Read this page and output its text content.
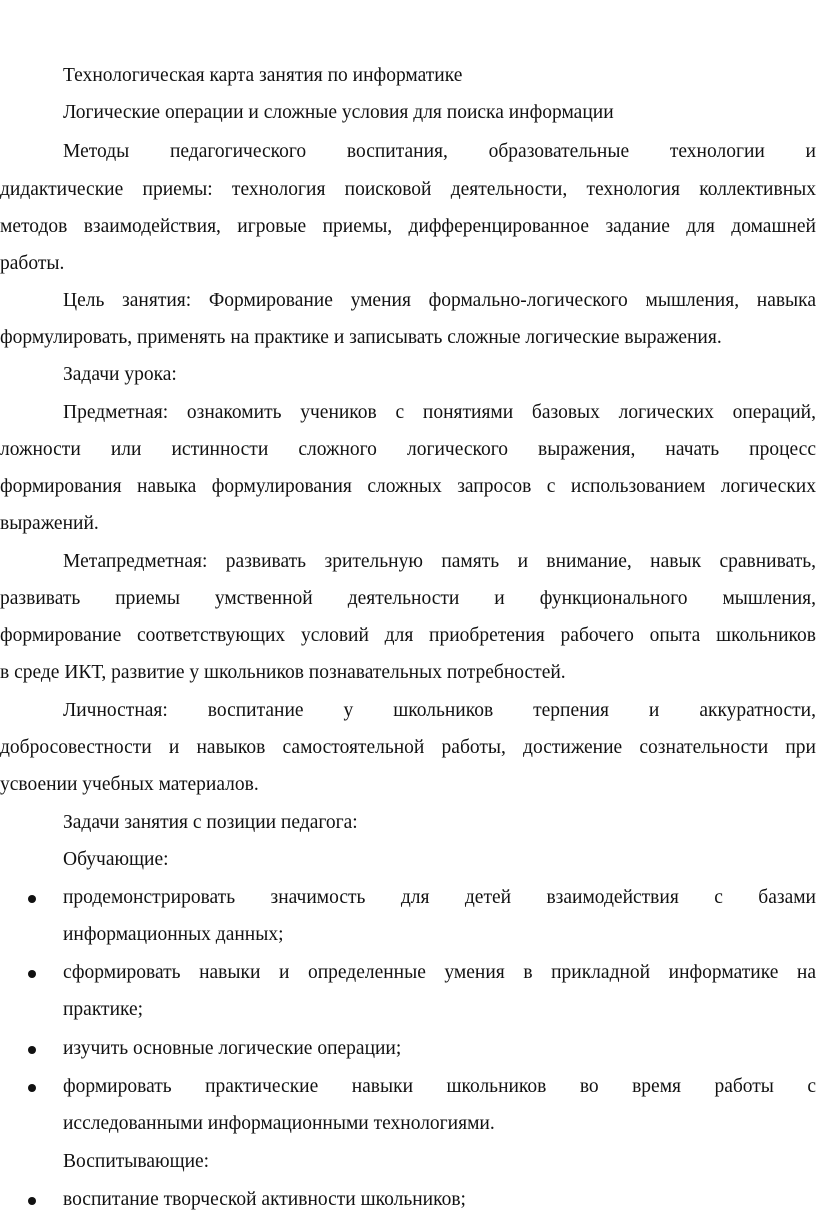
Технологическая карта занятия по информатике
Логические операции и сложные условия для поиска информации
Методы педагогического воспитания, образовательные технологии и
дидактические приемы: технология поисковой деятельности, технология коллективных
методов взаимодействия, игровые приемы, дифференцированное задание для домашней
работы.
Цель занятия: Формирование умения формально-логического мышления, навыка
формулировать, применять на практике и записывать сложные логические выражения.
Задачи урока:
Предметная: ознакомить учеников с понятиями базовых логических операций,
ложности или истинности сложного логического выражения, начать процесс
формирования навыка формулирования сложных запросов с использованием логических
выражений.
Метапредметная: развивать зрительную память и внимание, навык сравнивать,
развивать приемы умственной деятельности и функционального мышления,
формирование соответствующих условий для приобретения рабочего опыта школьников
в среде ИКТ, развитие у школьников познавательных потребностей.
Личностная: воспитание у школьников терпения и аккуратности,
добросовестности и навыков самостоятельной работы, достижение сознательности при
усвоении учебных материалов.
Задачи занятия с позиции педагога:
Обучающие:
продемонстрировать значимость для детей взаимодействия с базами
информационных данных;
сформировать навыки и определенные умения в прикладной информатике на
практике;
изучить основные логические операции;
формировать практические навыки школьников во время работы с
исследованными информационными технологиями.
Воспитывающие:
воспитание творческой активности школьников;
